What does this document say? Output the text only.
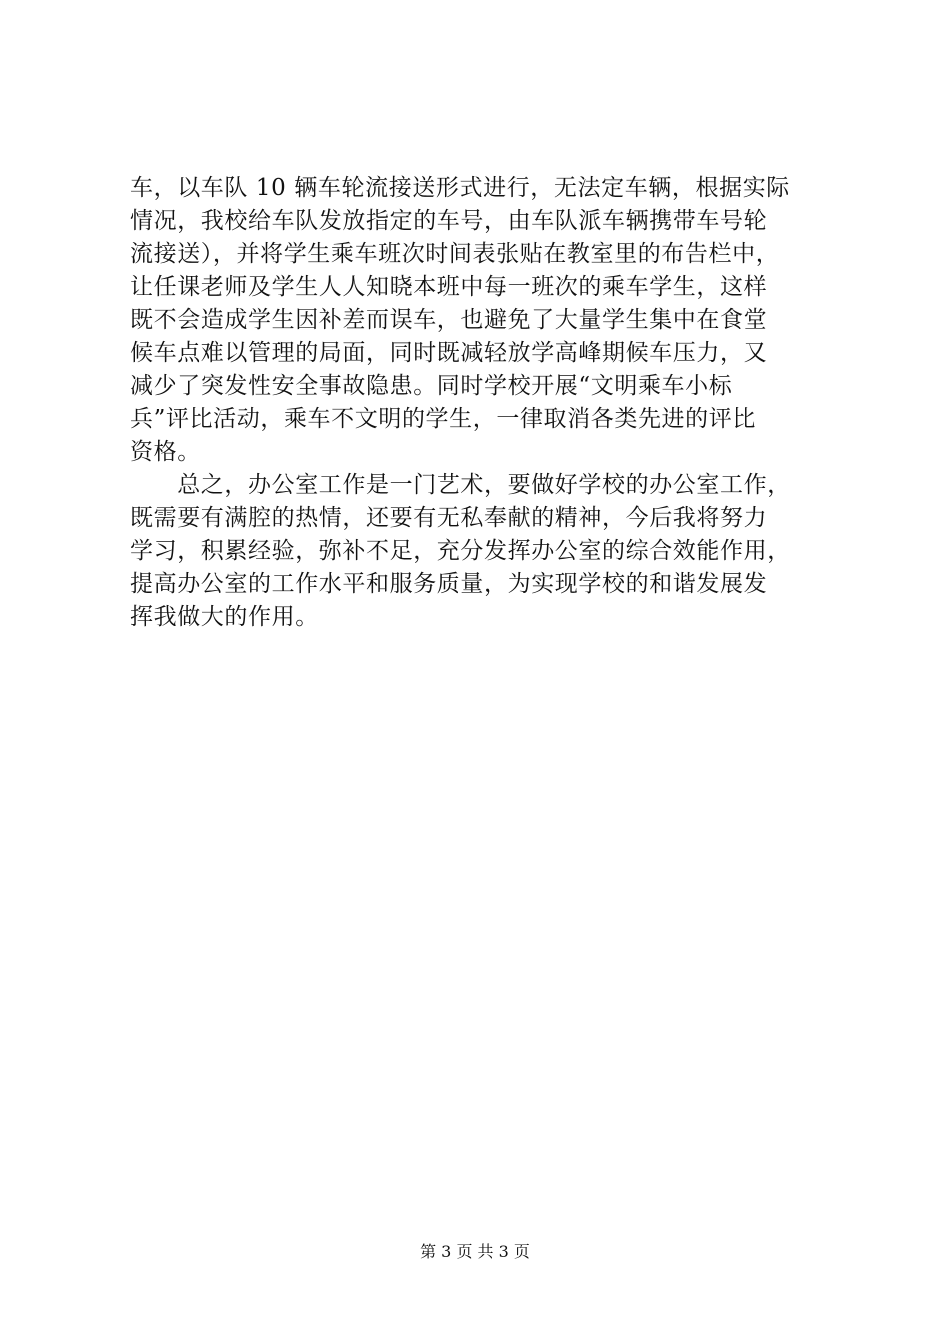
车，以车队 10 辆车轮流接送形式进行，无法定车辆，根据实际
情况，我校给车队发放指定的车号，由车队派车辆携带车号轮
流接送），并将学生乘车班次时间表张贴在教室里的布告栏中，
让任课老师及学生人人知晓本班中每一班次的乘车学生，这样
既不会造成学生因补差而误车，也避免了大量学生集中在食堂
候车点难以管理的局面，同时既减轻放学高峰期候车压力，又
减少了突发性安全事故隐患。同时学校开展“文明乘车小标
兵”评比活动，乘车不文明的学生，一律取消各类先进的评比
资格。
　　总之，办公室工作是一门艺术，要做好学校的办公室工作，
既需要有满腔的热情，还要有无私奉献的精神，今后我将努力
学习，积累经验，弥补不足，充分发挥办公室的综合效能作用，
提高办公室的工作水平和服务质量，为实现学校的和谐发展发
挥我做大的作用。
第 3 页 共 3 页
